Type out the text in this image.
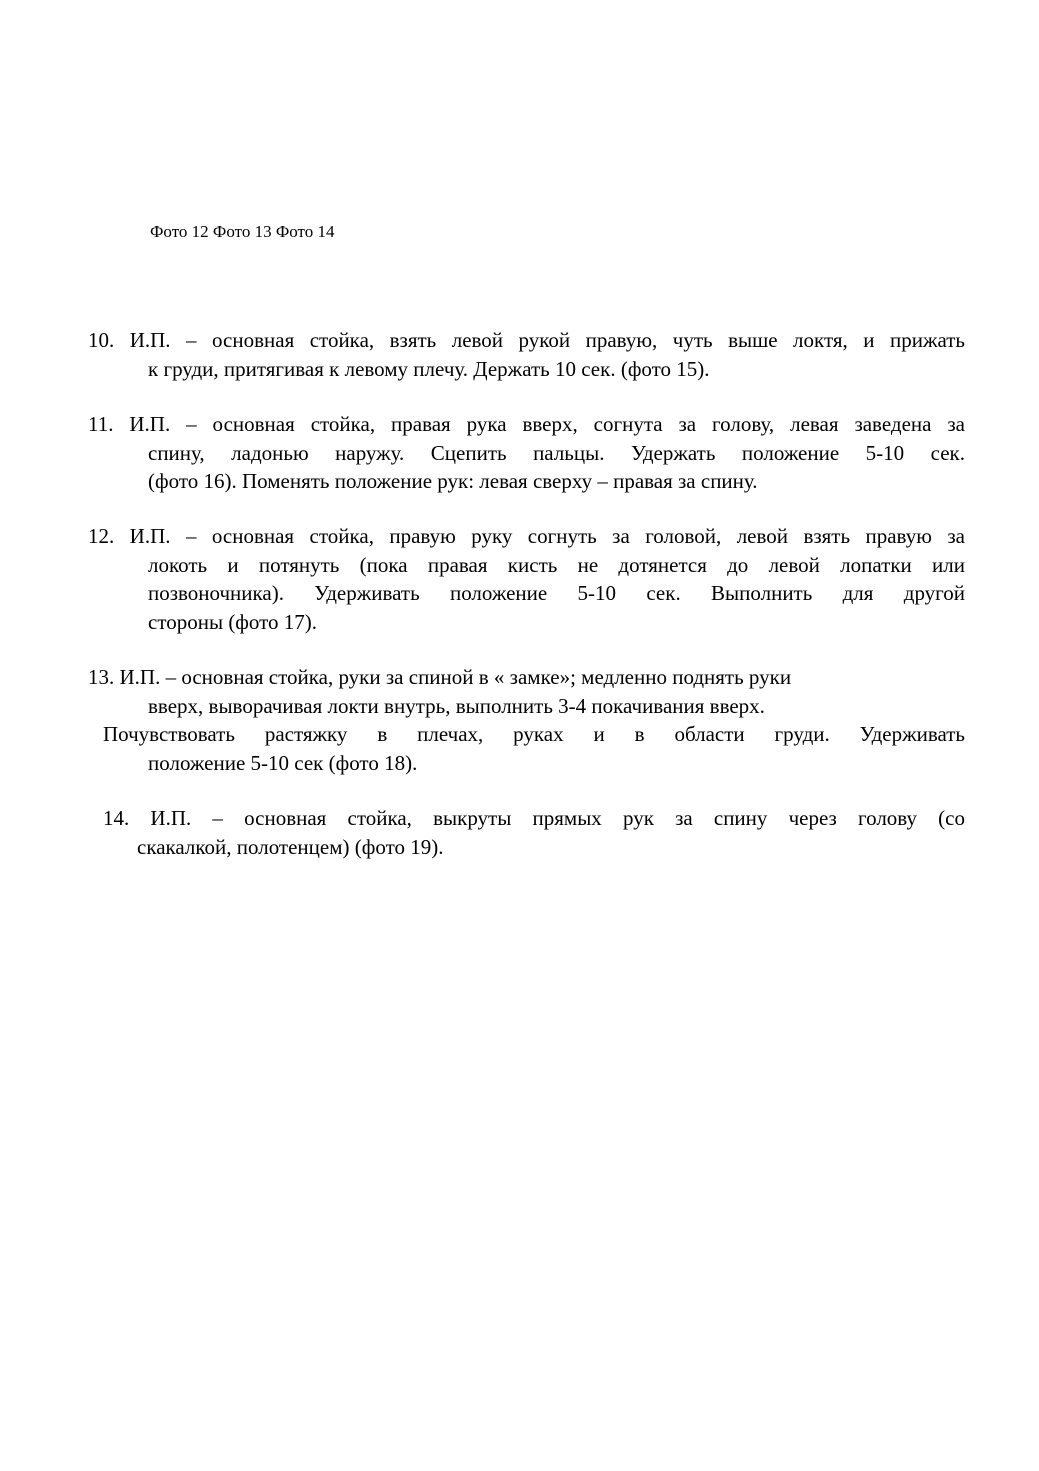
Фото 12 Фото 13 Фото 14
10. И.П. – основная стойка, взять левой рукой правую, чуть выше локтя, и прижать
к груди, притягивая к левому плечу. Держать 10 сек. (фото 15).
11. И.П. – основная стойка, правая рука вверх, согнута за голову, левая заведена за
спину, ладонью наружу. Сцепить пальцы. Удержать положение 5-10 сек.
(фото 16). Поменять положение рук: левая сверху – правая за спину.
12. И.П. – основная стойка, правую руку согнуть за головой, левой взять правую за
локоть и потянуть (пока правая кисть не дотянется до левой лопатки или
позвоночника). Удерживать положение 5-10 сек. Выполнить для другой
стороны (фото 17).
13. И.П. – основная стойка, руки за спиной в « замке»; медленно поднять руки
вверх, выворачивая локти внутрь, выполнить 3-4 покачивания вверх.
Почувствовать растяжку в плечах, руках и в области груди. Удерживать
положение 5-10 сек (фото 18).
14. И.П. – основная стойка, выкруты прямых рук за спину через голову (со
скакалкой, полотенцем) (фото 19).
